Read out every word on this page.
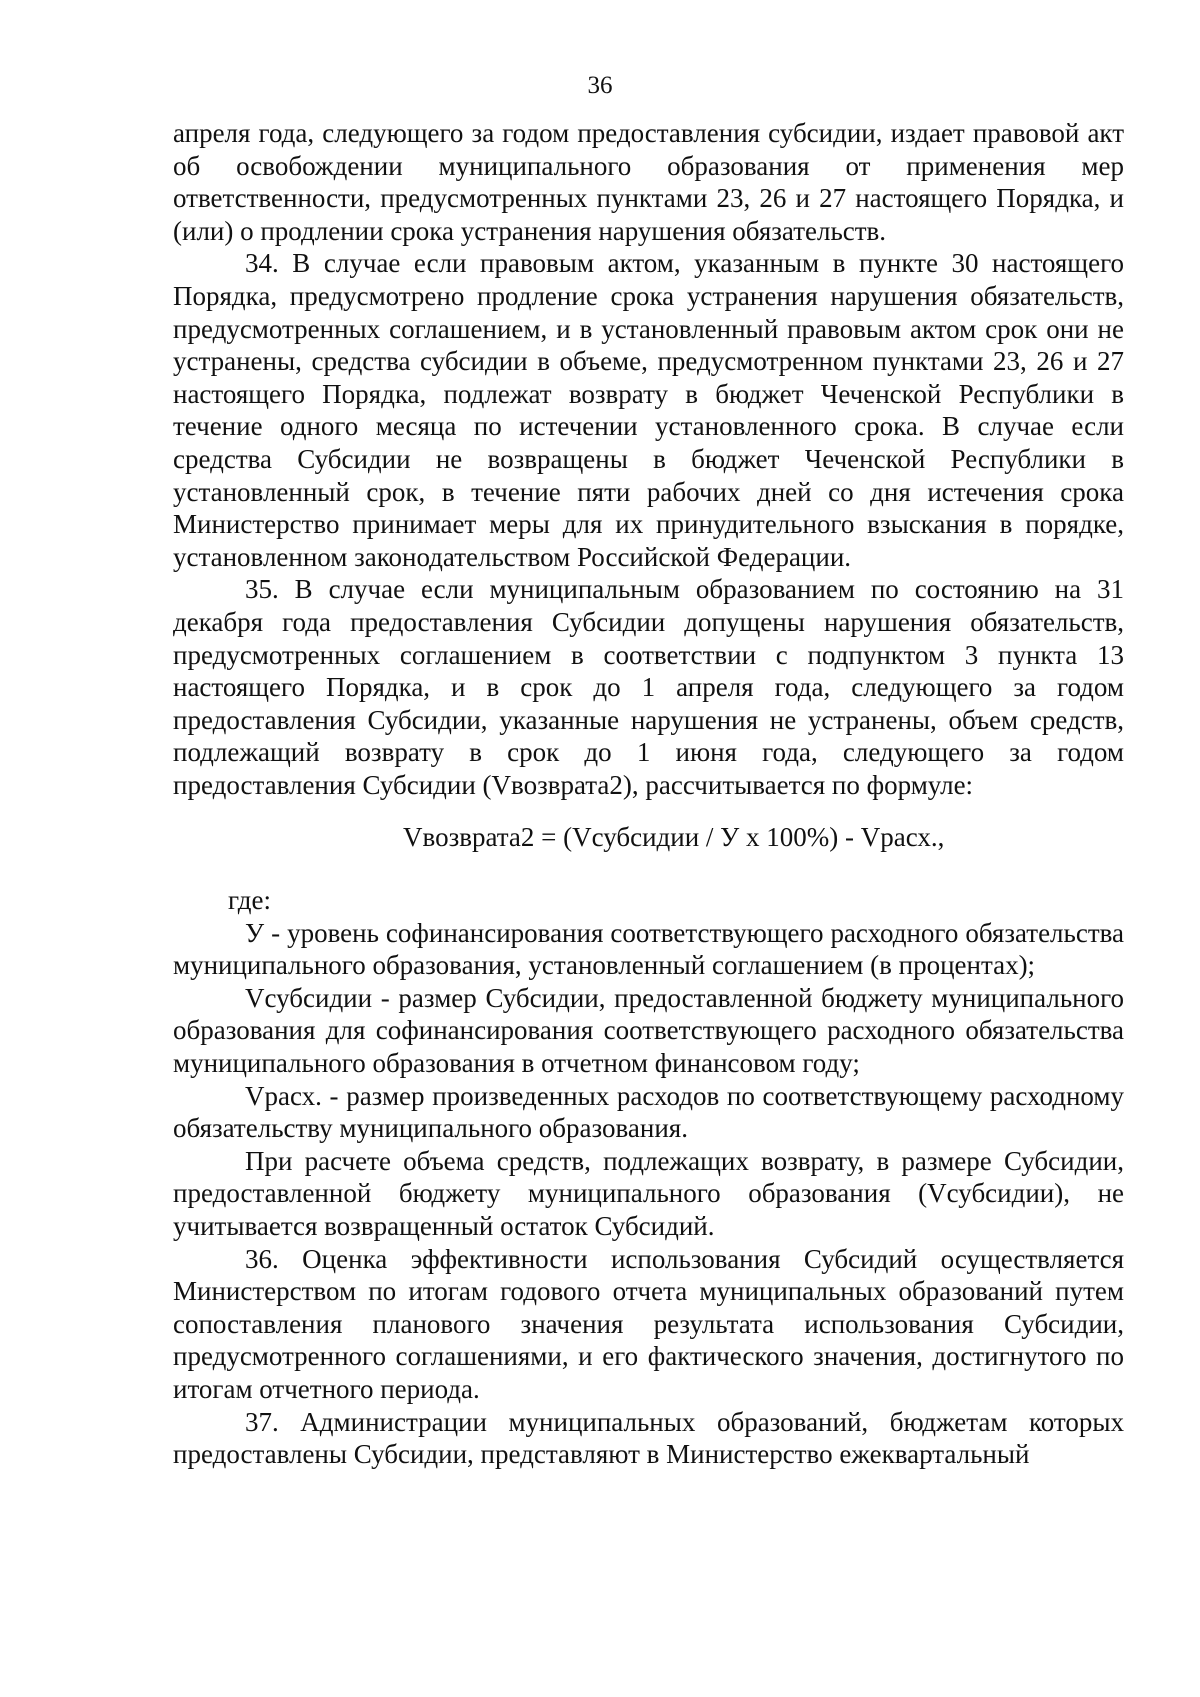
36

апреля года, следующего за годом предоставления субсидии, издает правовой акт об освобождении муниципального образования от применения мер ответственности, предусмотренных пунктами 23, 26 и 27 настоящего Порядка, и (или) о продлении срока устранения нарушения обязательств.

34. В случае если правовым актом, указанным в пункте 30 настоящего Порядка, предусмотрено продление срока устранения нарушения обязательств, предусмотренных соглашением, и в установленный правовым актом срок они не устранены, средства субсидии в объеме, предусмотренном пунктами 23, 26 и 27 настоящего Порядка, подлежат возврату в бюджет Чеченской Республики в течение одного месяца по истечении установленного срока. В случае если средства Субсидии не возвращены в бюджет Чеченской Республики в установленный срок, в течение пяти рабочих дней со дня истечения срока Министерство принимает меры для их принудительного взыскания в порядке, установленном законодательством Российской Федерации.

35. В случае если муниципальным образованием по состоянию на 31 декабря года предоставления Субсидии допущены нарушения обязательств, предусмотренных соглашением в соответствии с подпунктом 3 пункта 13 настоящего Порядка, и в срок до 1 апреля года, следующего за годом предоставления Субсидии, указанные нарушения не устранены, объем средств, подлежащий возврату в срок до 1 июня года, следующего за годом предоставления Субсидии (Vвозврата2), рассчитывается по формуле:

Vвозврата2 = (Vсубсидии / У х 100%) - Vрасх.,

где:

У - уровень софинансирования соответствующего расходного обязательства муниципального образования, установленный соглашением (в процентах);

Vсубсидии - размер Субсидии, предоставленной бюджету муниципального образования для софинансирования соответствующего расходного обязательства муниципального образования в отчетном финансовом году;

Vрасх. - размер произведенных расходов по соответствующему расходному обязательству муниципального образования.

При расчете объема средств, подлежащих возврату, в размере Субсидии, предоставленной бюджету муниципального образования (Vсубсидии), не учитывается возвращенный остаток Субсидий.

36. Оценка эффективности использования Субсидий осуществляется Министерством по итогам годового отчета муниципальных образований путем сопоставления планового значения результата использования Субсидии, предусмотренного соглашениями, и его фактического значения, достигнутого по итогам отчетного периода.

37. Администрации муниципальных образований, бюджетам которых предоставлены Субсидии, представляют в Министерство ежеквартальный
